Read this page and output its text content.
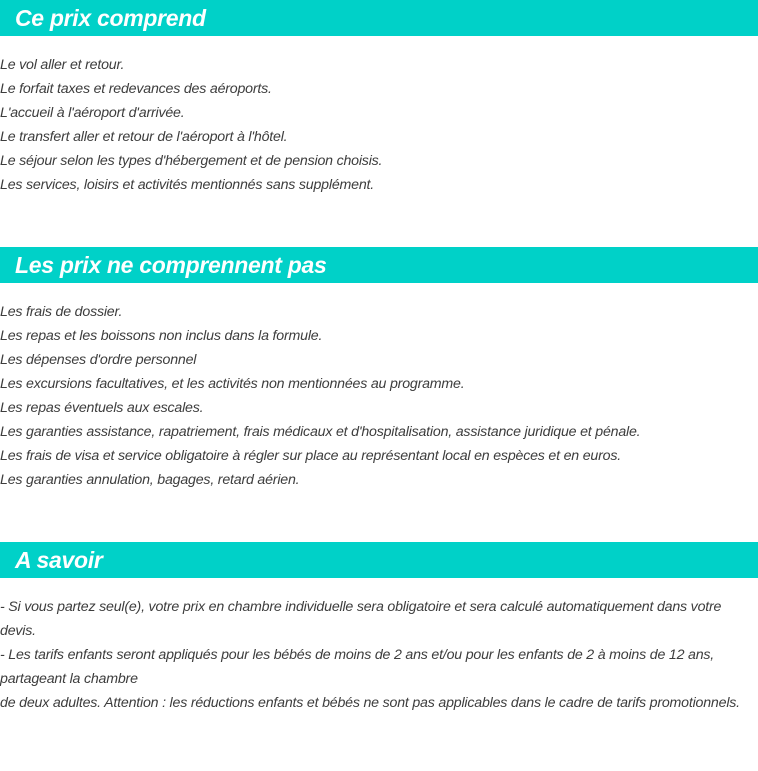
Ce prix comprend
Le vol aller et retour.
Le forfait taxes et redevances des aéroports.
L'accueil à l'aéroport d'arrivée.
Le transfert aller et retour de l'aéroport à l'hôtel.
Le séjour selon les types d'hébergement et de pension choisis.
Les services, loisirs et activités mentionnés sans supplément.
Les prix ne comprennent pas
Les frais de dossier.
Les repas et les boissons non inclus dans la formule.
Les dépenses d'ordre personnel
Les excursions facultatives, et les activités non mentionnées au programme.
Les repas éventuels aux escales.
Les garanties assistance, rapatriement, frais médicaux et d'hospitalisation, assistance juridique et pénale.
Les frais de visa et service obligatoire à régler sur place au représentant local en espèces et en euros.
Les garanties annulation, bagages, retard aérien.
A savoir
- Si vous partez seul(e), votre prix en chambre individuelle sera obligatoire et sera calculé automatiquement dans votre
devis.
- Les tarifs enfants seront appliqués pour les bébés de moins de 2 ans et/ou pour les enfants de 2 à moins de 12 ans,
partageant la chambre
de deux adultes. Attention : les réductions enfants et bébés ne sont pas applicables dans le cadre de tarifs promotionnels.
